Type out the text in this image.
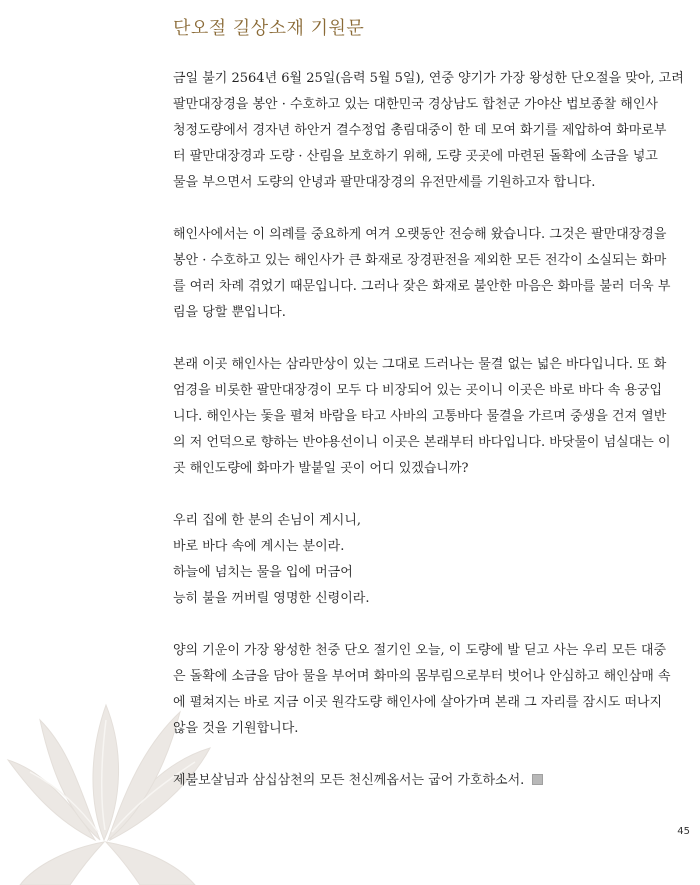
단오절 길상소재 기원문

금일 불기 2564년 6월 25일(음력 5월 5일), 연중 양기가 가장 왕성한 단오절을 맞아, 고려
팔만대장경을 봉안 · 수호하고 있는 대한민국 경상남도 합천군 가야산 법보종찰 해인사
청정도량에서 경자년 하안거 결수정업 총림대중이 한 데 모여 화기를 제압하여 화마로부
터 팔만대장경과 도량 · 산림을 보호하기 위해, 도량 곳곳에 마련된 돌확에 소금을 넣고
물을 부으면서 도량의 안녕과 팔만대장경의 유전만세를 기원하고자 합니다.

해인사에서는 이 의례를 중요하게 여겨 오랫동안 전승해 왔습니다. 그것은 팔만대장경을
봉안 · 수호하고 있는 해인사가 큰 화재로 장경판전을 제외한 모든 전각이 소실되는 화마
를 여러 차례 겪었기 때문입니다. 그러나 잦은 화재로 불안한 마음은 화마를 불러 더욱 부
림을 당할 뿐입니다.

본래 이곳 해인사는 삼라만상이 있는 그대로 드러나는 물결 없는 넓은 바다입니다. 또 화
엄경을 비롯한 팔만대장경이 모두 다 비장되어 있는 곳이니 이곳은 바로 바다 속 용궁입
니다. 해인사는 돛을 펼쳐 바람을 타고 사바의 고통바다 물결을 가르며 중생을 건져 열반
의 저 언덕으로 향하는 반야용선이니 이곳은 본래부터 바다입니다. 바닷물이 넘실대는 이
곳 해인도량에 화마가 발붙일 곳이 어디 있겠습니까?

우리 집에 한 분의 손님이 계시니,
바로 바다 속에 계시는 분이라.
하늘에 넘치는 물을 입에 머금어
능히 불을 꺼버릴 영명한 신령이라.

양의 기운이 가장 왕성한 천중 단오 절기인 오늘, 이 도량에 발 딛고 사는 우리 모든 대중
은 돌확에 소금을 담아 물을 부어며 화마의 몸부림으로부터 벗어나 안심하고 해인삼매 속
에 펼쳐지는 바로 지금 이곳 원각도량 해인사에 살아가며 본래 그 자리를 잠시도 떠나지
않을 것을 기원합니다.

제불보살님과 삼십삼천의 모든 천신께옵서는 굽어 가호하소서.

45
